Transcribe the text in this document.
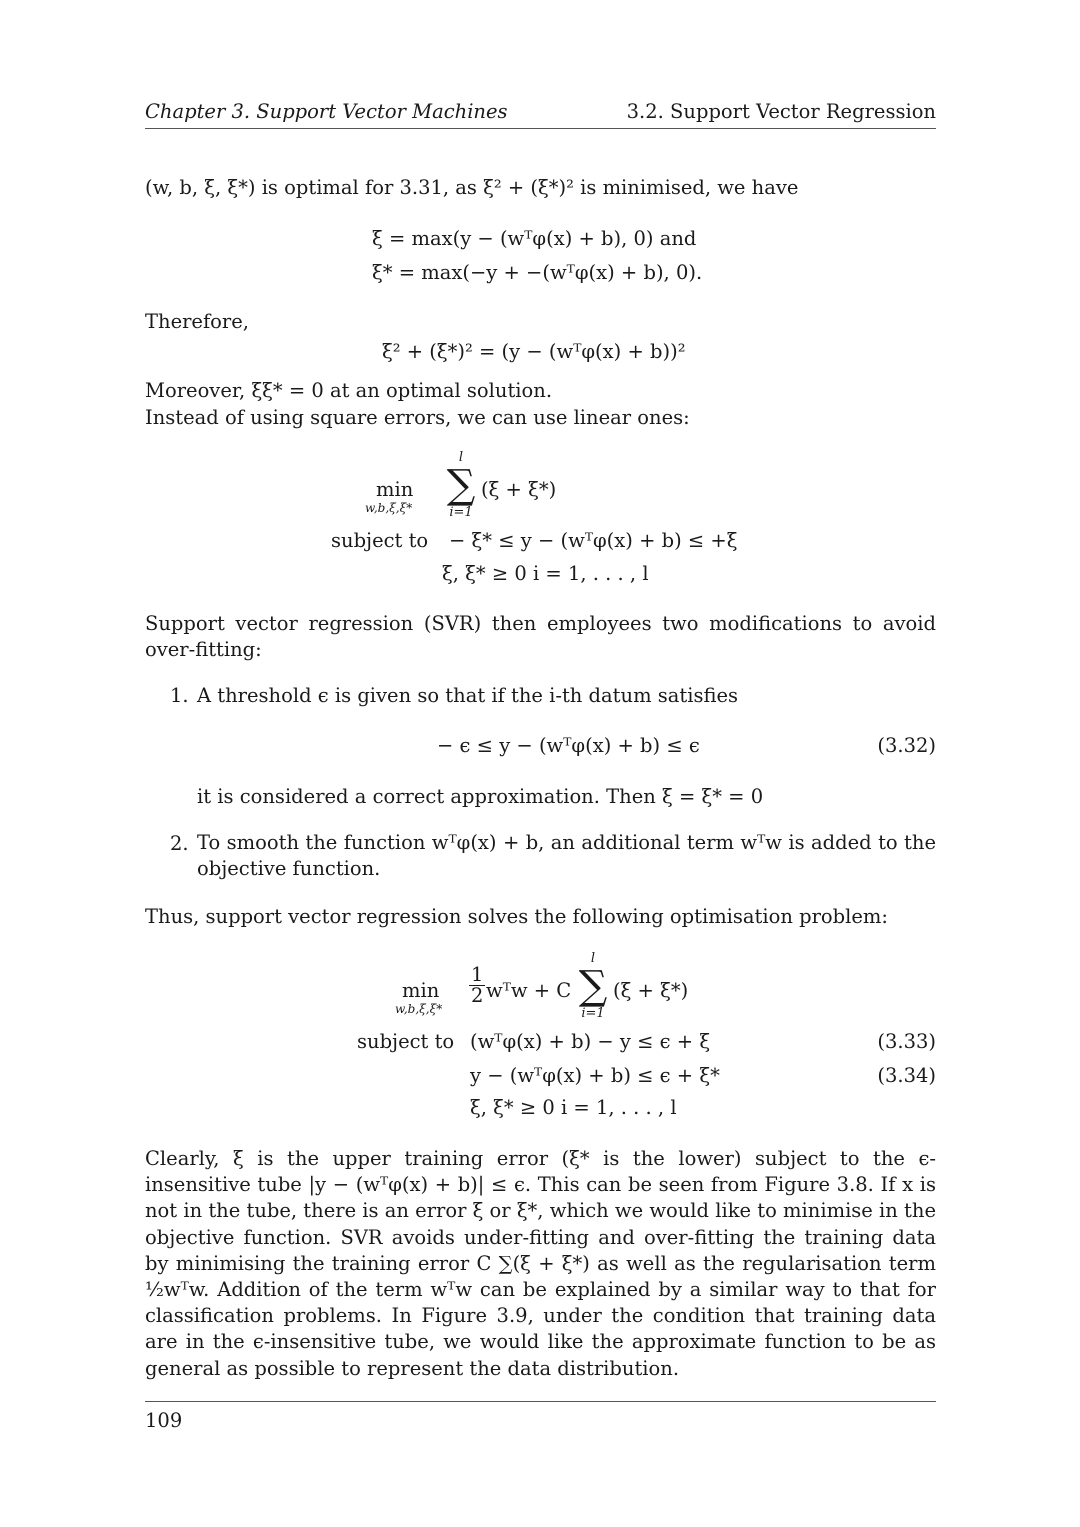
Chapter 3. Support Vector Machines	3.2. Support Vector Regression
(w, b, ξ, ξ*) is optimal for 3.31, as ξ² + (ξ*)² is minimised, we have
ξ = max(y − (wᵀφ(x) + b), 0) and
ξ* = max(−y + −(wᵀφ(x) + b), 0).
Therefore,
ξ² + (ξ*)² = (y − (wᵀφ(x) + b))²
Moreover, ξξ* = 0 at an optimal solution.
Instead of using square errors, we can use linear ones:
min
w,b,ξ,ξ*
l
∑
i=1
(ξ + ξ*)
subject to − ξ* ≤ y − (wᵀφ(x) + b) ≤ +ξ
ξ, ξ* ≥ 0 i = 1, . . . , l
Support vector regression (SVR) then employees two modifications to avoid over-fitting:
1. A threshold ϵ is given so that if the i-th datum satisfies
− ϵ ≤ y − (wᵀφ(x) + b) ≤ ϵ	(3.32)
it is considered a correct approximation. Then ξ = ξ* = 0
2. To smooth the function wᵀφ(x) + b, an additional term wᵀw is added to the objective function.
Thus, support vector regression solves the following optimisation problem:
min
w,b,ξ,ξ*
$\frac{1}{2}$ wᵀw + C
l
∑
i=1
(ξ + ξ*)
subject to (wᵀφ(x) + b) − y ≤ ϵ + ξ	(3.33)
y − (wᵀφ(x) + b) ≤ ϵ + ξ*	(3.34)
ξ, ξ* ≥ 0 i = 1, . . . , l
Clearly, ξ is the upper training error (ξ* is the lower) subject to the ϵ-insensitive tube |y − (wᵀφ(x) + b)| ≤ ϵ. This can be seen from Figure 3.8. If x is not in the tube, there is an error ξ or ξ*, which we would like to minimise in the objective function. SVR avoids under-fitting and over-fitting the training data by minimising the training error C ∑(ξ + ξ*) as well as the regularisation term ½wᵀw. Addition of the term wᵀw can be explained by a similar way to that for classification problems. In Figure 3.9, under the condition that training data are in the ϵ-insensitive tube, we would like the approximate function to be as general as possible to represent the data distribution.
109
